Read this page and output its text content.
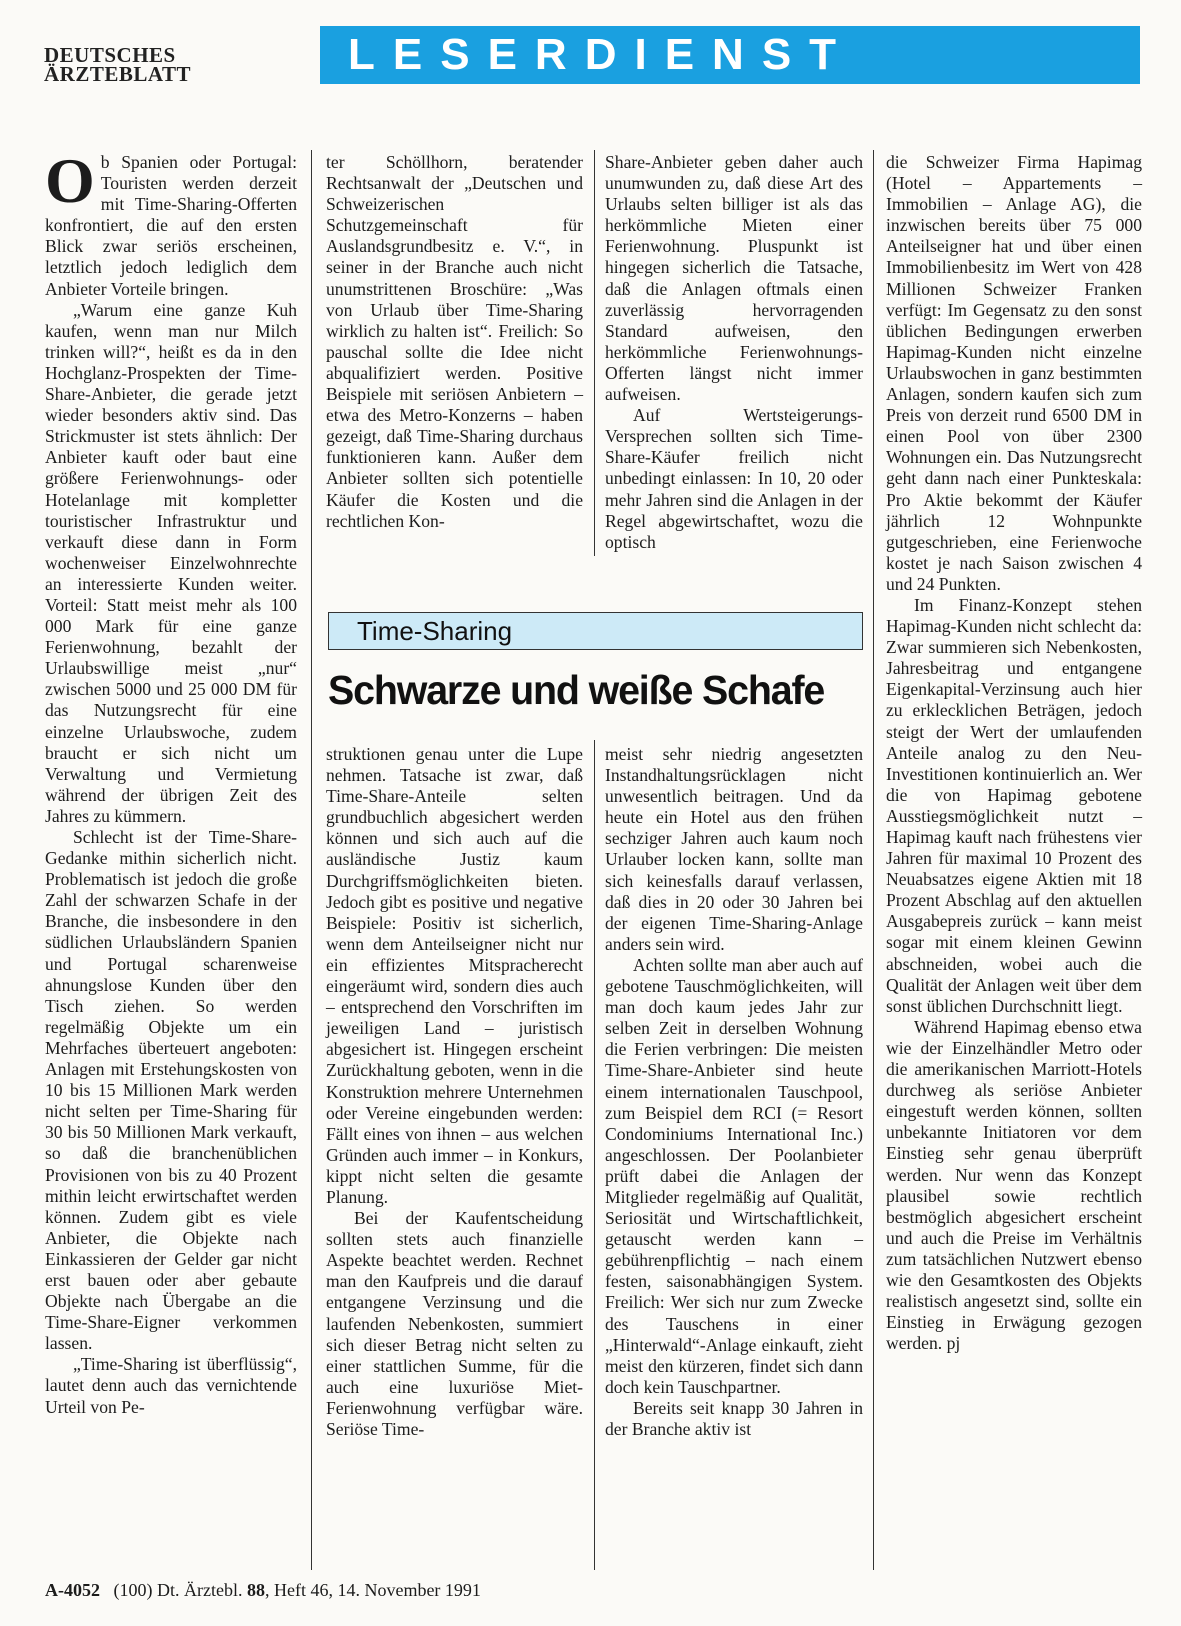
DEUTSCHES
ÄRZTEBLATT	LESERDIENST

Ob Spanien oder Portugal: Touristen werden derzeit mit Time-Sharing-Offerten konfrontiert, die auf den ersten Blick zwar seriös erscheinen, letztlich jedoch lediglich dem Anbieter Vorteile bringen.

„Warum eine ganze Kuh kaufen, wenn man nur Milch trinken will?“, heißt es da in den Hochglanz-Prospekten der Time-Share-Anbieter, die gerade jetzt wieder besonders aktiv sind. Das Strickmuster ist stets ähnlich: Der Anbieter kauft oder baut eine größere Ferienwohnungs- oder Hotelanlage mit kompletter touristischer Infrastruktur und verkauft diese dann in Form wochenweiser Einzelwohnrechte an interessierte Kunden weiter. Vorteil: Statt meist mehr als 100 000 Mark für eine ganze Ferienwohnung, bezahlt der Urlaubswillige meist „nur“ zwischen 5000 und 25 000 DM für das Nutzungsrecht für eine einzelne Urlaubswoche, zudem braucht er sich nicht um Verwaltung und Vermietung während der übrigen Zeit des Jahres zu kümmern.

Schlecht ist der Time-Share-Gedanke mithin sicherlich nicht. Problematisch ist jedoch die große Zahl der schwarzen Schafe in der Branche, die insbesondere in den südlichen Urlaubsländern Spanien und Portugal scharenweise ahnungslose Kunden über den Tisch ziehen. So werden regelmäßig Objekte um ein Mehrfaches überteuert angeboten: Anlagen mit Erstehungskosten von 10 bis 15 Millionen Mark werden nicht selten per Time-Sharing für 30 bis 50 Millionen Mark verkauft, so daß die branchenüblichen Provisionen von bis zu 40 Prozent mithin leicht erwirtschaftet werden können. Zudem gibt es viele Anbieter, die Objekte nach Einkassieren der Gelder gar nicht erst bauen oder aber gebaute Objekte nach Übergabe an die Time-Share-Eigner verkommen lassen.

„Time-Sharing ist überflüssig“, lautet denn auch das vernichtende Urteil von Pe-

ter Schöllhorn, beratender Rechtsanwalt der „Deutschen und Schweizerischen Schutzgemeinschaft für Auslandsgrundbesitz e. V.“, in seiner in der Branche auch nicht unumstrittenen Broschüre: „Was von Urlaub über Time-Sharing wirklich zu halten ist“. Freilich: So pauschal sollte die Idee nicht abqualifiziert werden. Positive Beispiele mit seriösen Anbietern – etwa des Metro-Konzerns – haben gezeigt, daß Time-Sharing durchaus funktionieren kann. Außer dem Anbieter sollten sich potentielle Käufer die Kosten und die rechtlichen Kon-

Share-Anbieter geben daher auch unumwunden zu, daß diese Art des Urlaubs selten billiger ist als das herkömmliche Mieten einer Ferienwohnung. Pluspunkt ist hingegen sicherlich die Tatsache, daß die Anlagen oftmals einen zuverlässig hervorragenden Standard aufweisen, den herkömmliche Ferienwohnungs-Offerten längst nicht immer aufweisen.

Auf Wertsteigerungs-Versprechen sollten sich Time-Share-Käufer freilich nicht unbedingt einlassen: In 10, 20 oder mehr Jahren sind die Anlagen in der Regel abgewirtschaftet, wozu die optisch

Time-Sharing
Schwarze und weiße Schafe

struktionen genau unter die Lupe nehmen. Tatsache ist zwar, daß Time-Share-Anteile selten grundbuchlich abgesichert werden können und sich auch auf die ausländische Justiz kaum Durchgriffsmöglichkeiten bieten. Jedoch gibt es positive und negative Beispiele: Positiv ist sicherlich, wenn dem Anteilseigner nicht nur ein effizientes Mitspracherecht eingeräumt wird, sondern dies auch – entsprechend den Vorschriften im jeweiligen Land – juristisch abgesichert ist. Hingegen erscheint Zurückhaltung geboten, wenn in die Konstruktion mehrere Unternehmen oder Vereine eingebunden werden: Fällt eines von ihnen – aus welchen Gründen auch immer – in Konkurs, kippt nicht selten die gesamte Planung.

Bei der Kaufentscheidung sollten stets auch finanzielle Aspekte beachtet werden. Rechnet man den Kaufpreis und die darauf entgangene Verzinsung und die laufenden Nebenkosten, summiert sich dieser Betrag nicht selten zu einer stattlichen Summe, für die auch eine luxuriöse Miet-Ferienwohnung verfügbar wäre. Seriöse Time-

meist sehr niedrig angesetzten Instandhaltungsrücklagen nicht unwesentlich beitragen. Und da heute ein Hotel aus den frühen sechziger Jahren auch kaum noch Urlauber locken kann, sollte man sich keinesfalls darauf verlassen, daß dies in 20 oder 30 Jahren bei der eigenen Time-Sharing-Anlage anders sein wird.

Achten sollte man aber auch auf gebotene Tauschmöglichkeiten, will man doch kaum jedes Jahr zur selben Zeit in derselben Wohnung die Ferien verbringen: Die meisten Time-Share-Anbieter sind heute einem internationalen Tauschpool, zum Beispiel dem RCI (= Resort Condominiums International Inc.) angeschlossen. Der Poolanbieter prüft dabei die Anlagen der Mitglieder regelmäßig auf Qualität, Seriosität und Wirtschaftlichkeit, getauscht werden kann – gebührenpflichtig – nach einem festen, saisonabhängigen System. Freilich: Wer sich nur zum Zwecke des Tauschens in einer „Hinterwald“-Anlage einkauft, zieht meist den kürzeren, findet sich dann doch kein Tauschpartner.

Bereits seit knapp 30 Jahren in der Branche aktiv ist

die Schweizer Firma Hapimag (Hotel – Appartements – Immobilien – Anlage AG), die inzwischen bereits über 75 000 Anteilseigner hat und über einen Immobilienbesitz im Wert von 428 Millionen Schweizer Franken verfügt: Im Gegensatz zu den sonst üblichen Bedingungen erwerben Hapimag-Kunden nicht einzelne Urlaubswochen in ganz bestimmten Anlagen, sondern kaufen sich zum Preis von derzeit rund 6500 DM in einen Pool von über 2300 Wohnungen ein. Das Nutzungsrecht geht dann nach einer Punkteskala: Pro Aktie bekommt der Käufer jährlich 12 Wohnpunkte gutgeschrieben, eine Ferienwoche kostet je nach Saison zwischen 4 und 24 Punkten.

Im Finanz-Konzept stehen Hapimag-Kunden nicht schlecht da: Zwar summieren sich Nebenkosten, Jahresbeitrag und entgangene Eigenkapital-Verzinsung auch hier zu erklecklichen Beträgen, jedoch steigt der Wert der umlaufenden Anteile analog zu den Neu-Investitionen kontinuierlich an. Wer die von Hapimag gebotene Ausstiegsmöglichkeit nutzt – Hapimag kauft nach frühestens vier Jahren für maximal 10 Prozent des Neuabsatzes eigene Aktien mit 18 Prozent Abschlag auf den aktuellen Ausgabepreis zurück – kann meist sogar mit einem kleinen Gewinn abschneiden, wobei auch die Qualität der Anlagen weit über dem sonst üblichen Durchschnitt liegt.

Während Hapimag ebenso etwa wie der Einzelhändler Metro oder die amerikanischen Marriott-Hotels durchweg als seriöse Anbieter eingestuft werden können, sollten unbekannte Initiatoren vor dem Einstieg sehr genau überprüft werden. Nur wenn das Konzept plausibel sowie rechtlich bestmöglich abgesichert erscheint und auch die Preise im Verhältnis zum tatsächlichen Nutzwert ebenso wie den Gesamtkosten des Objekts realistisch angesetzt sind, sollte ein Einstieg in Erwägung gezogen werden. pj

A-4052 (100) Dt. Ärztebl. 88, Heft 46, 14. November 1991
